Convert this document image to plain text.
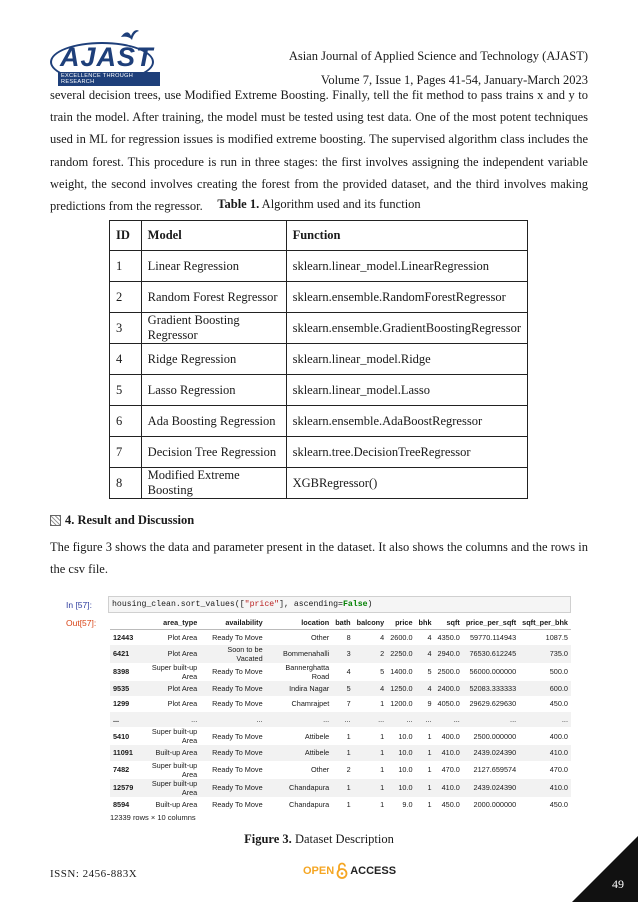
AJAST
EXCELLENCE THROUGH RESEARCH
Asian Journal of Applied Science and Technology (AJAST)
Volume 7, Issue 1, Pages 41-54, January-March 2023

several decision trees, use Modified Extreme Boosting. Finally, tell the fit method to pass trains x and y to train the model. After training, the model must be tested using test data. One of the most potent techniques used in ML for regression issues is modified extreme boosting. The supervised algorithm class includes the random forest. This procedure is run in three stages: the first involves assigning the independent variable weight, the second involves creating the forest from the provided dataset, and the third involves making predictions from the regressor.	Table 1. Algorithm used and its function
ID	Model	Function
1	Linear Regression	sklearn.linear_model.LinearRegression
2	Random Forest Regressor	sklearn.ensemble.RandomForestRegressor
3	Gradient Boosting Regressor	sklearn.ensemble.GradientBoostingRegressor
4	Ridge Regression	sklearn.linear_model.Ridge
5	Lasso Regression	sklearn.linear_model.Lasso
6	Ada Boosting Regression	sklearn.ensemble.AdaBoostRegressor
7	Decision Tree Regression	sklearn.tree.DecisionTreeRegressor
8	Modified Extreme Boosting	XGBRegressor()
4. Result and Discussion

The figure 3 shows the data and parameter present in the dataset. It also shows the columns and the rows in the csv file.

In [57]:	housing_clean.sort_values(["price"], ascending=False)
Out[57]:
		area_type	availability	location	bath	balcony	price	bhk	sqft	price_per_sqft	sqft_per_bhk
12443	Plot Area	Ready To Move	Other	8	4	2600.0	4	4350.0	59770.114943	1087.5
6421	Plot Area	Soon to be Vacated	Bommenahalli	3	2	2250.0	4	2940.0	76530.612245	735.0
8398	Super built-up Area	Ready To Move	Bannerghatta Road	4	5	1400.0	5	2500.0	56000.000000	500.0
9535	Plot Area	Ready To Move	Indira Nagar	5	4	1250.0	4	2400.0	52083.333333	600.0
1299	Plot Area	Ready To Move	Chamrajpet	7	1	1200.0	9	4050.0	29629.629630	450.0
...	...	...	...	...	...	...	...	...	...	...
5410	Super built-up Area	Ready To Move	Attibele	1	1	10.0	1	400.0	2500.000000	400.0
11091	Built-up Area	Ready To Move	Attibele	1	1	10.0	1	410.0	2439.024390	410.0
7482	Super built-up Area	Ready To Move	Other	2	1	10.0	1	470.0	2127.659574	470.0
12579	Super built-up Area	Ready To Move	Chandapura	1	1	10.0	1	410.0	2439.024390	410.0
8594	Built-up Area	Ready To Move	Chandapura	1	1	9.0	1	450.0	2000.000000	450.0
12339 rows × 10 columns
Figure 3. Dataset Description
ISSN: 2456-883X	OPEN ACCESS
49
